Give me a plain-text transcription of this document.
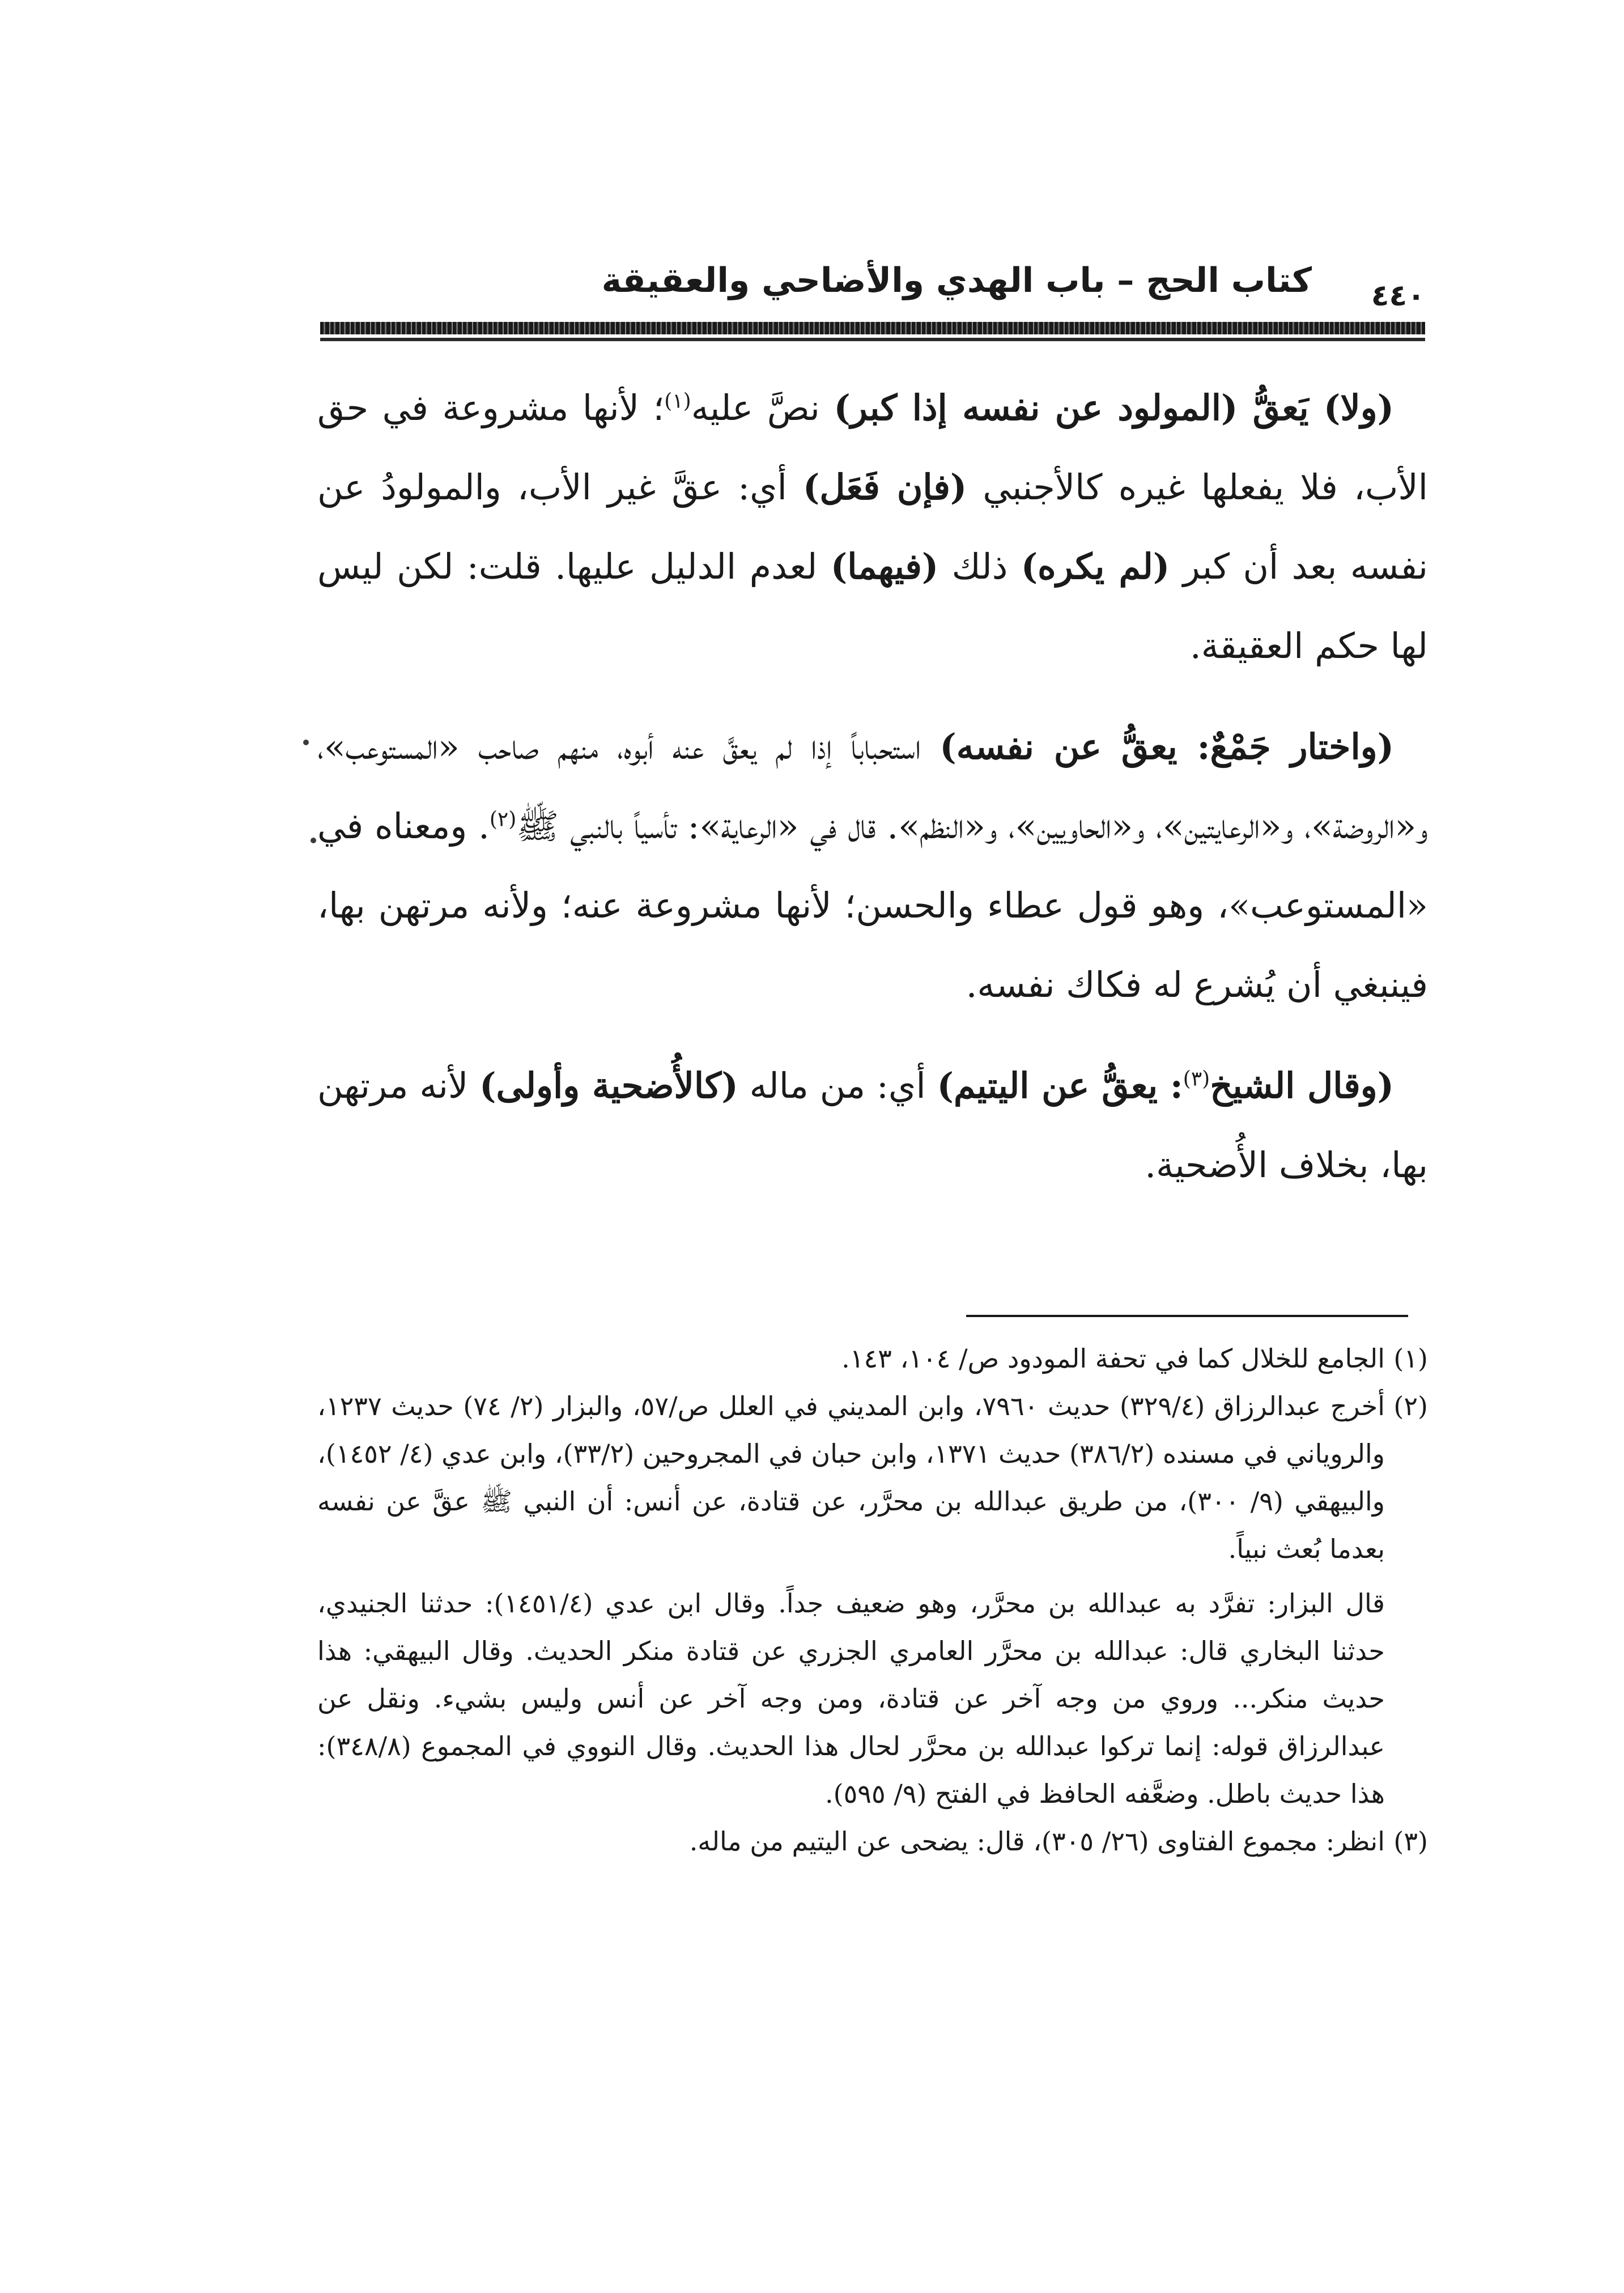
كتاب الحج – باب الهدي والأضاحي والعقيقة ٤٤٠

(ولا) يَعقُّ (المولود عن نفسه إذا كبر) نصَّ عليه$^{(١)}$؛ لأنها مشروعة في حق الأب، فلا يفعلها غيره كالأجنبي (فإن فَعَل) أي: عقَّ غير الأب، والمولودُ عن نفسه بعد أن كبر (لم يكره) ذلك (فيهما) لعدم الدليل عليها. قلت: لكن ليس لها حكم العقيقة.

(واختار جَمْعٌ: يعقُّ عن نفسه) استحباباً إذا لم يعقَّ عنه أبوه، منهم صاحب «المستوعب»، و«الروضة»، و«الرعايتين»، و«الحاويين»، و«النظم». قال في «الرعاية»: تأسياً بالنبي ﷺ$^{(٢)}$. ومعناه في «المستوعب»، وهو قول عطاء والحسن؛ لأنها مشروعة عنه؛ ولأنه مرتهن بها، فينبغي أن يُشرع له فكاك نفسه.

(وقال الشيخ$^{(٣)}$: يعقُّ عن اليتيم) أي: من ماله (كالأُضحية وأولى) لأنه مرتهن بها، بخلاف الأُضحية.

(١)

الجامع للخلال كما في تحفة المودود ص/ ١٠٤، ١٤٣.

(٢)

أخرج عبدالرزاق (٣٢٩/٤) حديث ٧٩٦٠، وابن المديني في العلل ص/٥٧، والبزار (٢/ ٧٤) حديث ١٢٣٧، والروياني في مسنده (٣٨٦/٢) حديث ١٣٧١، وابن حبان في المجروحين (٣٣/٢)، وابن عدي (٤/ ١٤٥٢)، والبيهقي (٩/ ٣٠٠)، من طريق عبدالله بن محرَّر، عن قتادة، عن أنس: أن النبي ﷺ عقَّ عن نفسه بعدما بُعث نبياً.

قال البزار: تفرَّد به عبدالله بن محرَّر، وهو ضعيف جداً. وقال ابن عدي (١٤٥١/٤): حدثنا الجنيدي، حدثنا البخاري قال: عبدالله بن محرَّر العامري الجزري عن قتادة منكر الحديث. وقال البيهقي: هذا حديث منكر... وروي من وجه آخر عن قتادة، ومن وجه آخر عن أنس وليس بشيء. ونقل عن عبدالرزاق قوله: إنما تركوا عبدالله بن محرَّر لحال هذا الحديث. وقال النووي في المجموع (٣٤٨/٨): هذا حديث باطل. وضعَّفه الحافظ في الفتح (٩/ ٥٩٥).

(٣)

انظر: مجموع الفتاوى (٢٦/ ٣٠٥)، قال: يضحى عن اليتيم من ماله.
